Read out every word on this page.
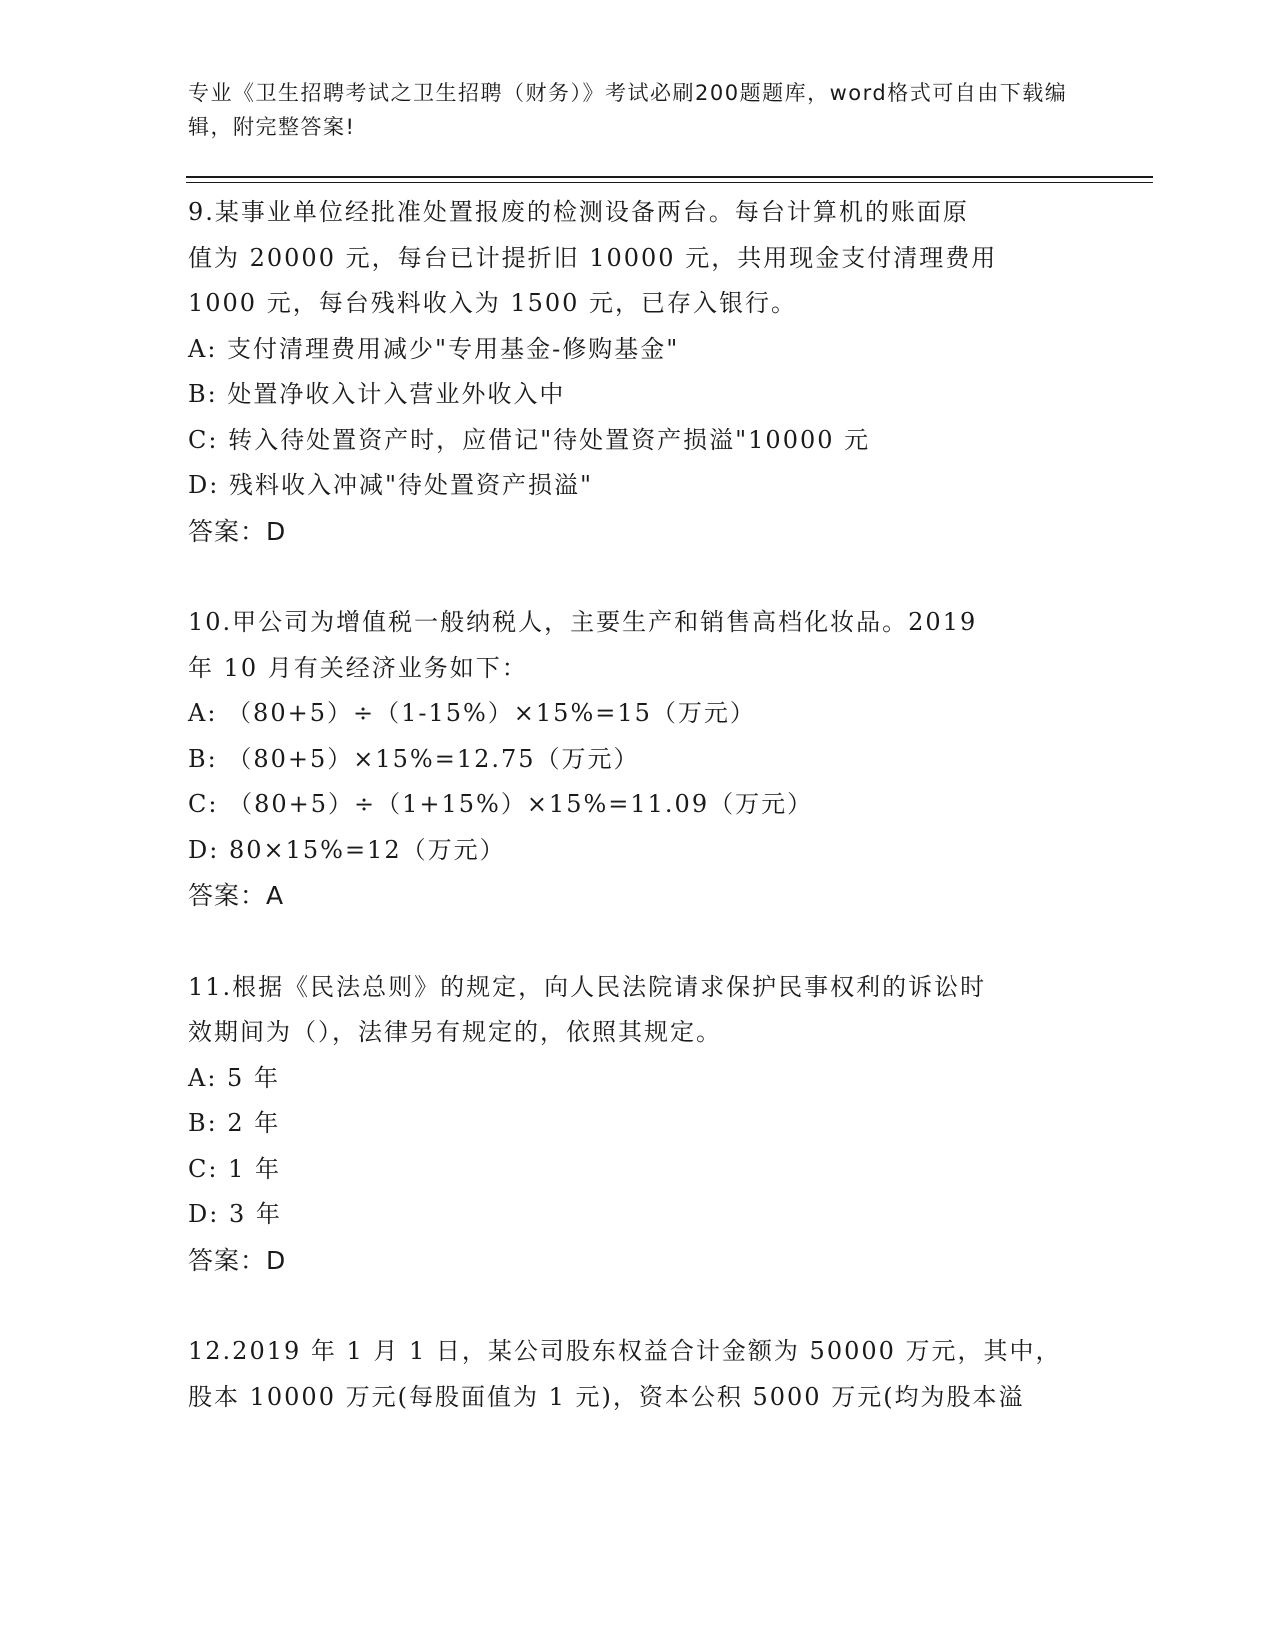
专业《卫生招聘考试之卫生招聘（财务）》考试必刷200题题库，word格式可自由下载编辑，附完整答案!
9.某事业单位经批准处置报废的检测设备两台。每台计算机的账面原
值为 20000 元，每台已计提折旧 10000 元，共用现金支付清理费用
1000 元，每台残料收入为 1500 元，已存入银行。
A: 支付清理费用减少"专用基金-修购基金"
B: 处置净收入计入营业外收入中
C: 转入待处置资产时，应借记"待处置资产损溢"10000 元
D: 残料收入冲减"待处置资产损溢"
答案：D
10.甲公司为增值税一般纳税人，主要生产和销售高档化妆品。2019
年 10 月有关经济业务如下：
A: （80+5）÷（1-15%）×15%=15（万元）
B: （80+5）×15%=12.75（万元）
C: （80+5）÷（1+15%）×15%=11.09（万元）
D: 80×15%=12（万元）
答案：A
11.根据《民法总则》的规定，向人民法院请求保护民事权利的诉讼时
效期间为（），法律另有规定的，依照其规定。
A: 5 年
B: 2 年
C: 1 年
D: 3 年
答案：D
12.2019 年 1 月 1 日，某公司股东权益合计金额为 50000 万元，其中，
股本 10000 万元(每股面值为 1 元)，资本公积 5000 万元(均为股本溢
